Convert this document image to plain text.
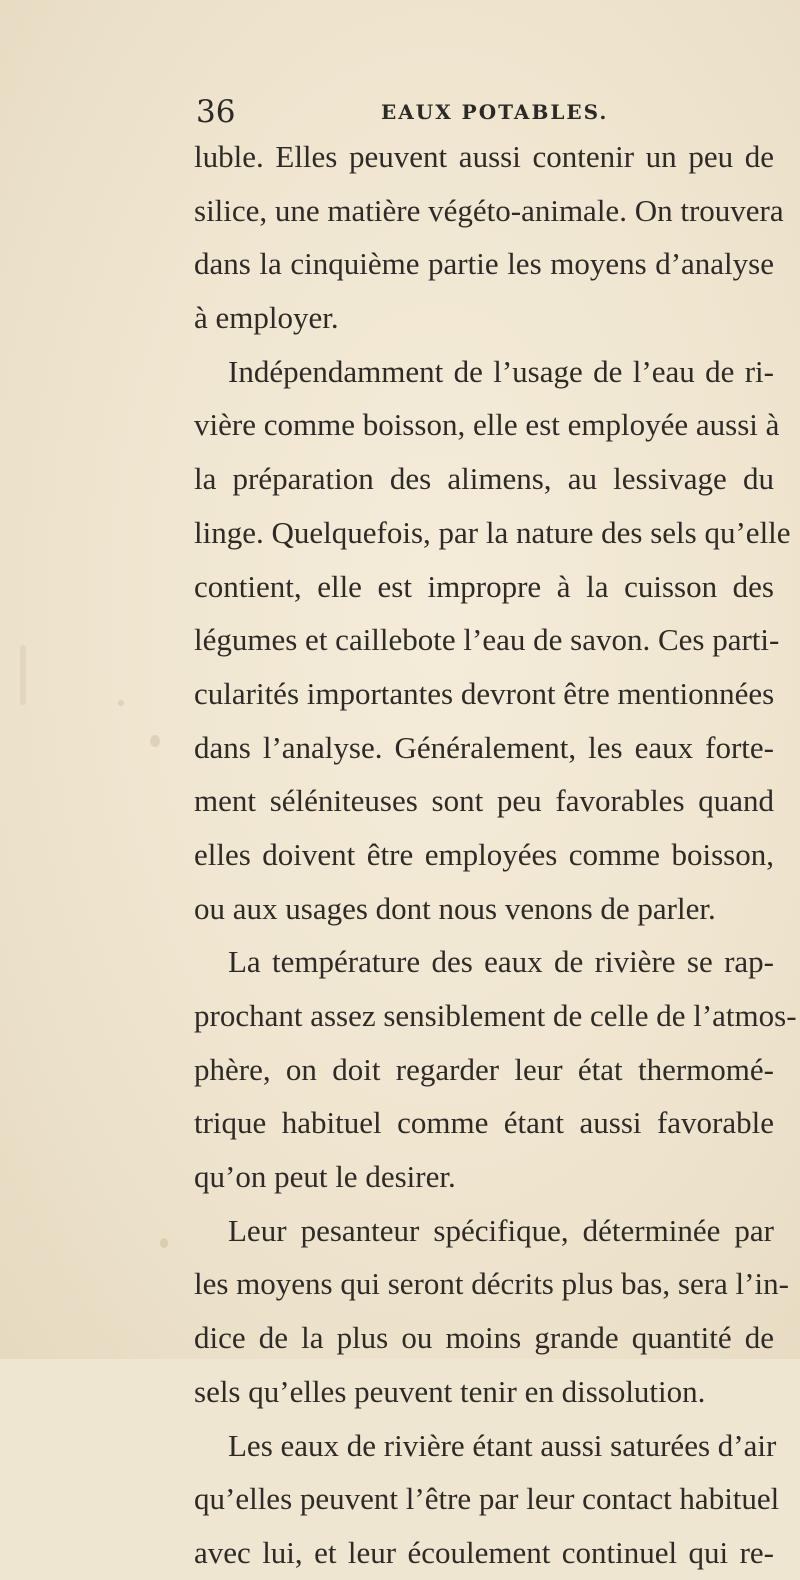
36	EAUX POTABLES.
luble. Elles peuvent aussi contenir un peu de
silice, une matière végéto-animale. On trouvera
dans la cinquième partie les moyens d’analyse
à employer.
Indépendamment de l’usage de l’eau de ri-
vière comme boisson, elle est employée aussi à
la préparation des alimens, au lessivage du
linge. Quelquefois, par la nature des sels qu’elle
contient, elle est impropre à la cuisson des
légumes et caillebote l’eau de savon. Ces parti-
cularités importantes devront être mentionnées
dans l’analyse. Généralement, les eaux forte-
ment séléniteuses sont peu favorables quand
elles doivent être employées comme boisson,
ou aux usages dont nous venons de parler.
La température des eaux de rivière se rap-
prochant assez sensiblement de celle de l’atmos-
phère, on doit regarder leur état thermomé-
trique habituel comme étant aussi favorable
qu’on peut le desirer.
Leur pesanteur spécifique, déterminée par
les moyens qui seront décrits plus bas, sera l’in-
dice de la plus ou moins grande quantité de
sels qu’elles peuvent tenir en dissolution.
Les eaux de rivière étant aussi saturées d’air
qu’elles peuvent l’être par leur contact habituel
avec lui, et leur écoulement continuel qui re-
